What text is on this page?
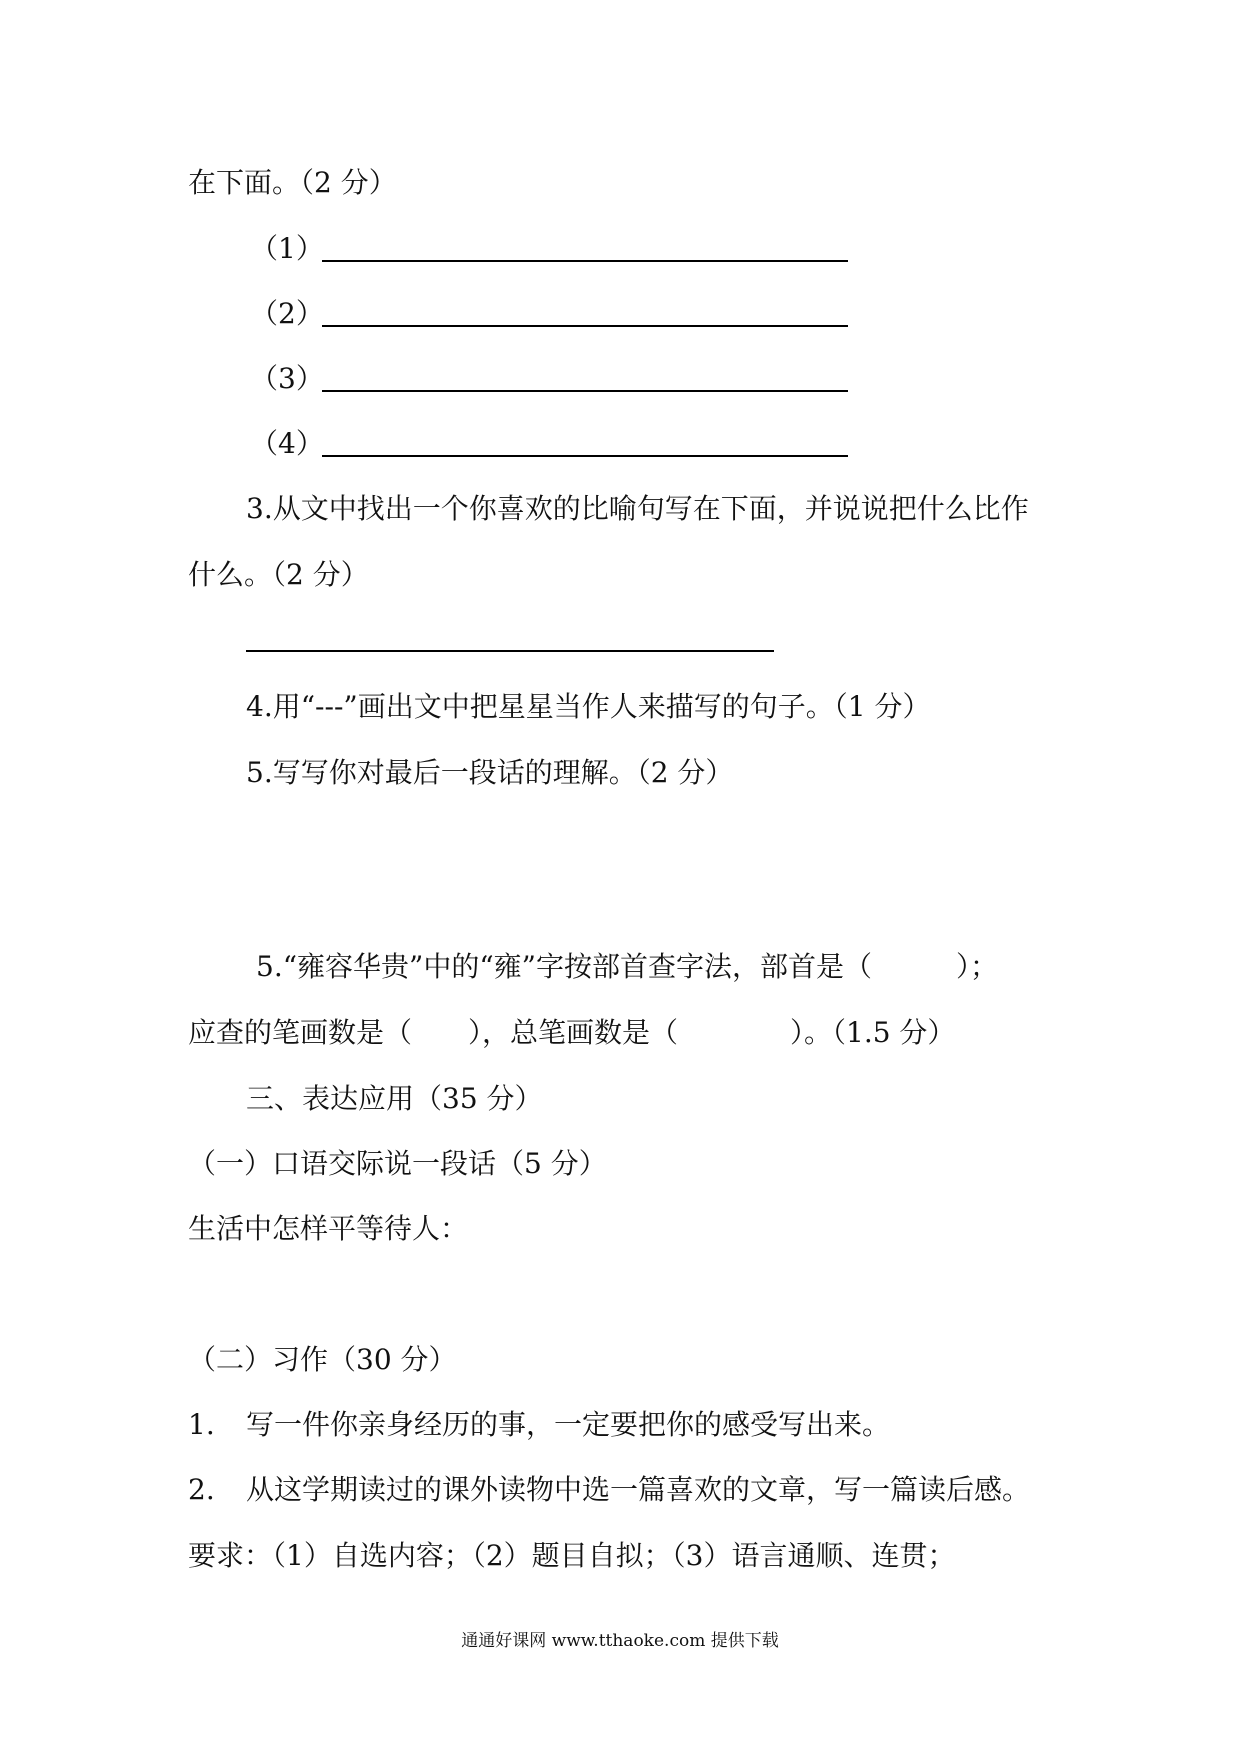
在下面。（2 分）
（1）
（2）
（3）
（4）
3.从文中找出一个你喜欢的比喻句写在下面，并说说把什么比作
什么。（2 分）
4.用“---”画出文中把星星当作人来描写的句子。（1 分）
5.写写你对最后一段话的理解。（2 分）
5.“雍容华贵”中的“雍”字按部首查字法，部首是（　　　）；
应查的笔画数是（　　），总笔画数是（　　　　）。（1.5 分）
三、表达应用（35 分）
（一）口语交际说一段话（5 分）
生活中怎样平等待人：
（二）习作（30 分）
1. 写一件你亲身经历的事，一定要把你的感受写出来。
2. 从这学期读过的课外读物中选一篇喜欢的文章，写一篇读后感。
要求：（1）自选内容；（2）题目自拟；（3）语言通顺、连贯；
通通好课网 www.tthaoke.com 提供下载
